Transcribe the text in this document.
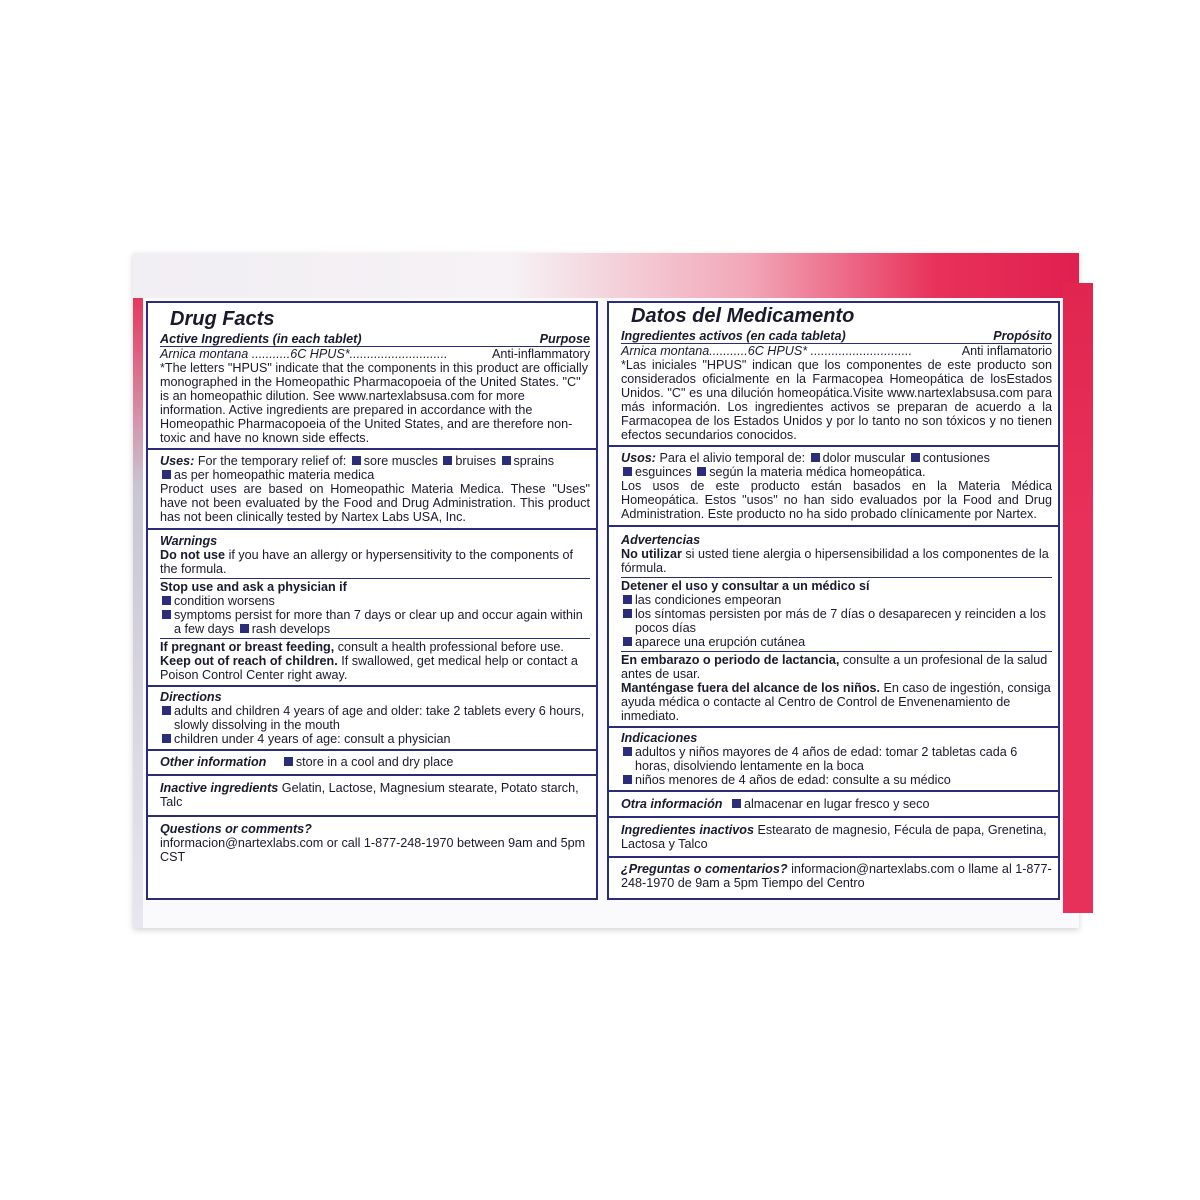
Drug Facts
Active Ingredients (in each tablet)	Purpose
Arnica montana ...........6C HPUS*............................	Anti-inflammatory
*The letters "HPUS" indicate that the components in this product are officially monographed in the Homeopathic Pharmacopoeia of the United States. "C" is an homeopathic dilution. See www.nartexlabsusa.com for more information. Active ingredients are prepared in accordance with the Homeopathic Pharmacopoeia of the United States, and are therefore non-toxic and have no known side effects.
Uses: For the temporary relief of: sore muscles bruises sprains
as per homeopathic materia medica
Product uses are based on Homeopathic Materia Medica. These "Uses" have not been evaluated by the Food and Drug Administration. This product has not been clinically tested by Nartex Labs USA, Inc.
Warnings
Do not use if you have an allergy or hypersensitivity to the components of the formula.
Stop use and ask a physician if
condition worsens
symptoms persist for more than 7 days or clear up and occur again within a few days rash develops
If pregnant or breast feeding, consult a health professional before use.
Keep out of reach of children. If swallowed, get medical help or contact a Poison Control Center right away.
Directions
adults and children 4 years of age and older: take 2 tablets every 6 hours, slowly dissolving in the mouth
children under 4 years of age: consult a physician
Other information store in a cool and dry place
Inactive ingredients Gelatin, Lactose, Magnesium stearate, Potato starch, Talc
Questions or comments?
informacion@nartexlabs.com or call 1-877-248-1970 between 9am and 5pm CST
Datos del Medicamento
Ingredientes activos (en cada tableta)	Propósito
Arnica montana...........6C HPUS* .............................	Anti inflamatorio
*Las iniciales "HPUS" indican que los componentes de este producto son considerados oficialmente en la Farmacopea Homeopática de losEstados Unidos. "C" es una dilución homeopática.Visite www.nartexlabsusa.com para más información. Los ingredientes activos se preparan de acuerdo a la Farmacopea de los Estados Unidos y por lo tanto no son tóxicos y no tienen efectos secundarios conocidos.
Usos: Para el alivio temporal de: dolor muscular contusiones
esguinces según la materia médica homeopática.
Los usos de este producto están basados en la Materia Médica Homeopática. Estos "usos" no han sido evaluados por la Food and Drug Administration. Este producto no ha sido probado clínicamente por Nartex.
Advertencias
No utilizar si usted tiene alergia o hipersensibilidad a los componentes de la fórmula.
Detener el uso y consultar a un médico sí
las condiciones empeoran
los síntomas persisten por más de 7 días o desaparecen y reinciden a los pocos días
aparece una erupción cutánea
En embarazo o periodo de lactancia, consulte a un profesional de la salud antes de usar.
Manténgase fuera del alcance de los niños. En caso de ingestión, consiga ayuda médica o contacte al Centro de Control de Envenenamiento de inmediato.
Indicaciones
adultos y niños mayores de 4 años de edad: tomar 2 tabletas cada 6 horas, disolviendo lentamente en la boca
niños menores de 4 años de edad: consulte a su médico
Otra información almacenar en lugar fresco y seco
Ingredientes inactivos Estearato de magnesio, Fécula de papa, Grenetina, Lactosa y Talco
¿Preguntas o comentarios? informacion@nartexlabs.com o llame al 1-877-248-1970 de 9am a 5pm Tiempo del Centro
